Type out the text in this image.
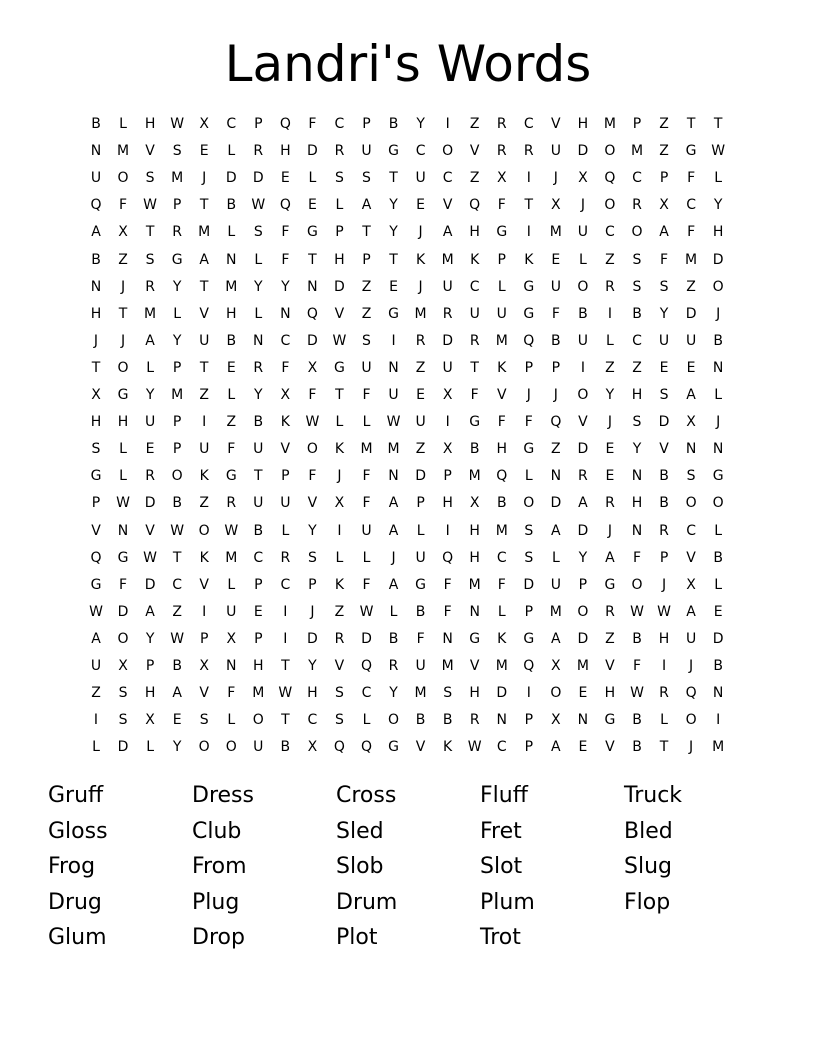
Landri's Words
B	L	H	W	X	C	P	Q	F	C	P	B	Y	I	Z	R	C	V	H	M	P	Z	T	T
N	M	V	S	E	L	R	H	D	R	U	G	C	O	V	R	R	U	D	O	M	Z	G	W
U	O	S	M	J	D	D	E	L	S	S	T	U	C	Z	X	I	J	X	Q	C	P	F	L
Q	F	W	P	T	B	W	Q	E	L	A	Y	E	V	Q	F	T	X	J	O	R	X	C	Y
A	X	T	R	M	L	S	F	G	P	T	Y	J	A	H	G	I	M	U	C	O	A	F	H
B	Z	S	G	A	N	L	F	T	H	P	T	K	M	K	P	K	E	L	Z	S	F	M	D
N	J	R	Y	T	M	Y	Y	N	D	Z	E	J	U	C	L	G	U	O	R	S	S	Z	O
H	T	M	L	V	H	L	N	Q	V	Z	G	M	R	U	U	G	F	B	I	B	Y	D	J
J	J	A	Y	U	B	N	C	D	W	S	I	R	D	R	M	Q	B	U	L	C	U	U	B
T	O	L	P	T	E	R	F	X	G	U	N	Z	U	T	K	P	P	I	Z	Z	E	E	N
X	G	Y	M	Z	L	Y	X	F	T	F	U	E	X	F	V	J	J	O	Y	H	S	A	L
H	H	U	P	I	Z	B	K	W	L	L	W	U	I	G	F	F	Q	V	J	S	D	X	J
S	L	E	P	U	F	U	V	O	K	M M	Z	X	B	H	G	Z	D	E	Y	V	N	N
G	L	R	O	K	G	T	P	F	J	F	N	D	P	M	Q	L	N	R	E	N	B	S	G
P	W	D	B	Z	R	U	U	V	X	F	A	P	H	X	B	O	D	A	R	H	B	O	O
V	N	V	W	O	W	B	L	Y	I	U	A	L	I	H	M	S	A	D	J	N	R	C	L
Q	G	W	T	K	M	C	R	S	L	L	J	U	Q	H	C	S	L	Y	A	F	P	V	B
G	F	D	C	V	L	P	C	P	K	F	A	G	F	M	F	D	U	P	G	O	J	X	L
W	D	A	Z	I	U	E	I	J	Z	W	L	B	F	N	L	P	M	O	R	W W	A	E
A	O	Y	W	P	X	P	I	D	R	D	B	F	N	G	K	G	A	D	Z	B	H	U	D
U	X	P	B	X	N	H	T	Y	V	Q	R	U	M	V	M	Q	X	M	V	F	I	J	B
Z	S	H	A	V	F	M W	H	S	C	Y	M	S	H	D	I	O	E	H	W	R	Q	N
I	S	X	E	S	L	O	T	C	S	L	O	B	B	R	N	P	X	N	G	B	L	O	I
L	D	L	Y	O	O	U	B	X	Q	Q	G	V	K	W	C	P	A	E	V	B	T	J	M
Gruff
Gloss
Frog
Drug
Glum
Dress
Club
From
Plug
Drop
Cross
Sled
Slob
Drum
Plot
Fluff
Fret
Slot
Plum
Trot
Truck
Bled
Slug
Flop
